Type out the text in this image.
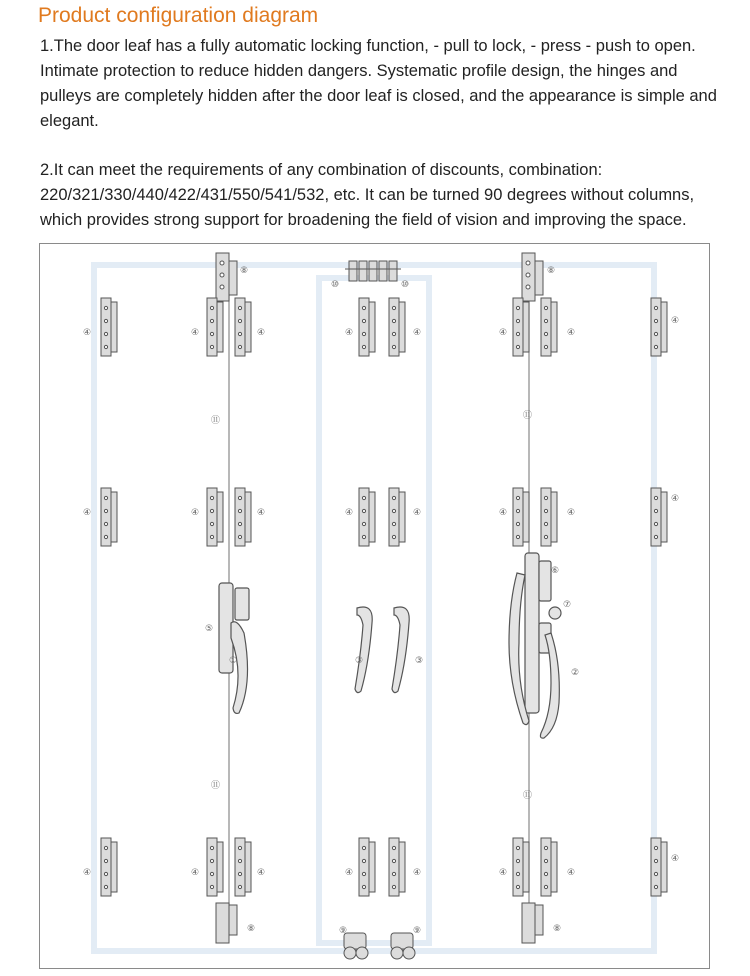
Product configuration diagram

1.The door leaf has a fully automatic locking function, - pull to lock, - press - push to open. Intimate protection to reduce hidden dangers. Systematic profile design, the hinges and pulleys are completely hidden after the door leaf is closed, and the appearance is simple and elegant.

2.It can meet the requirements of any combination of discounts, combination: 220/321/330/440/422/431/550/541/532, etc. It can be turned 90 degrees without columns, which provides strong support for broadening the field of vision and improving the space.

⑧	⑧
⑩	⑩
④	④	④	④	④	④	④
④
④	④	④	④	④	④	④
④
④	④	④	④	④	④	④
④
⑪	⑪
⑪
⑪
⑤
①	③	③
⑥
⑦
②
⑧	⑧
⑨	⑨
